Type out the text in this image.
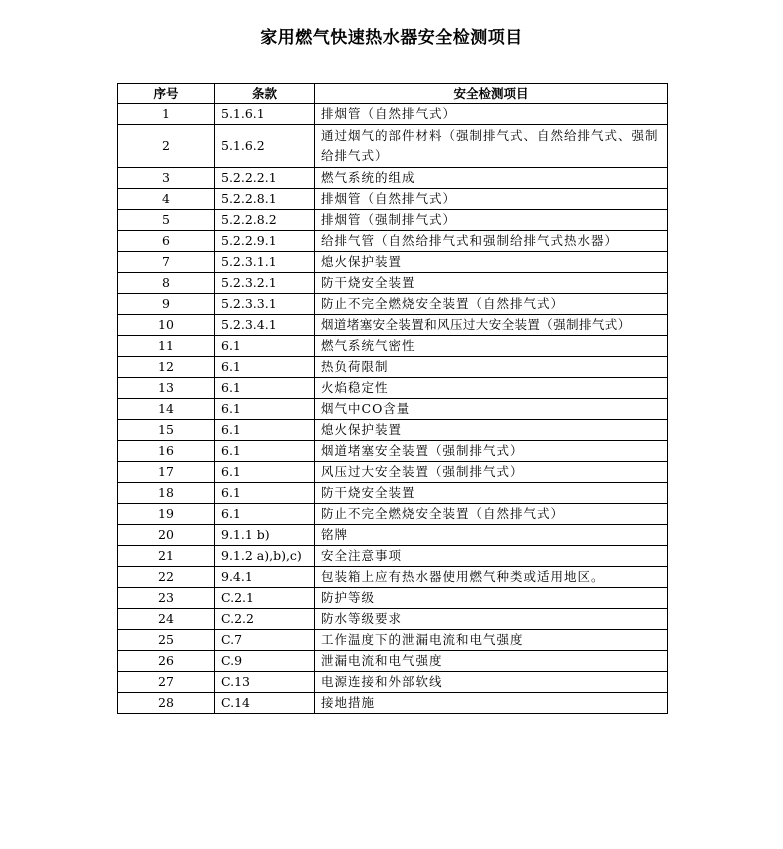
家用燃气快速热水器安全检测项目
序号	条款	安全检测项目
1	5.1.6.1	排烟管（自然排气式）
2	5.1.6.2	通过烟气的部件材料（强制排气式、自然给排气式、强制给排气式）
3	5.2.2.2.1	燃气系统的组成
4	5.2.2.8.1	排烟管（自然排气式）
5	5.2.2.8.2	排烟管（强制排气式）
6	5.2.2.9.1	给排气管（自然给排气式和强制给排气式热水器）
7	5.2.3.1.1	熄火保护装置
8	5.2.3.2.1	防干烧安全装置
9	5.2.3.3.1	防止不完全燃烧安全装置（自然排气式）
10	5.2.3.4.1	烟道堵塞安全装置和风压过大安全装置（强制排气式）
11	6.1	燃气系统气密性
12	6.1	热负荷限制
13	6.1	火焰稳定性
14	6.1	烟气中CO含量
15	6.1	熄火保护装置
16	6.1	烟道堵塞安全装置（强制排气式）
17	6.1	风压过大安全装置（强制排气式）
18	6.1	防干烧安全装置
19	6.1	防止不完全燃烧安全装置（自然排气式）
20	9.1.1 b)	铭牌
21	9.1.2 a),b),c)	安全注意事项
22	9.4.1	包装箱上应有热水器使用燃气种类或适用地区。
23	C.2.1	防护等级
24	C.2.2	防水等级要求
25	C.7	工作温度下的泄漏电流和电气强度
26	C.9	泄漏电流和电气强度
27	C.13	电源连接和外部软线
28	C.14	接地措施
